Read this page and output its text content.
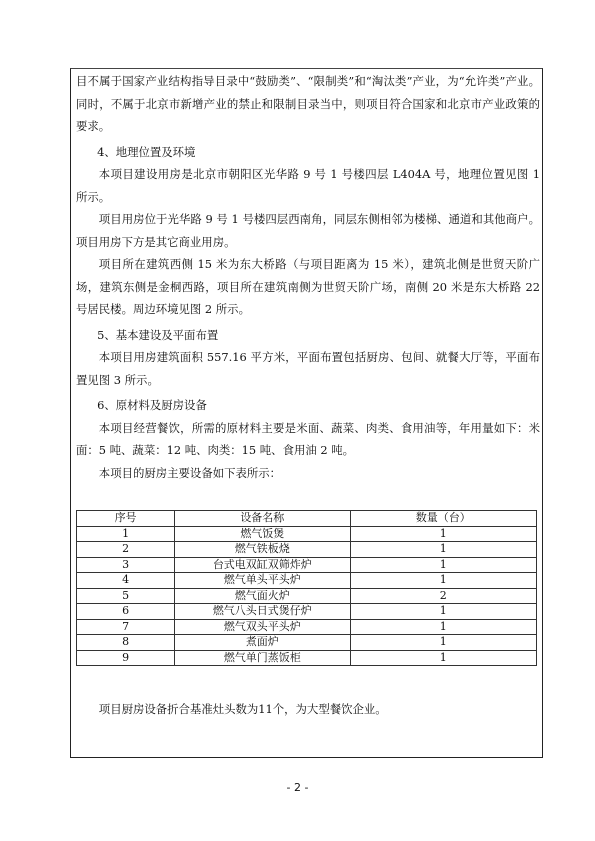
目不属于国家产业结构指导目录中“鼓励类”、“限制类”和“淘汰类”产业，为“允许类”产业。同时，不属于北京市新增产业的禁止和限制目录当中，则项目符合国家和北京市产业政策的要求。

4、地理位置及环境

本项目建设用房是北京市朝阳区光华路 9 号 1 号楼四层 L404A 号，地理位置见图 1 所示。

项目用房位于光华路 9 号 1 号楼四层西南角，同层东侧相邻为楼梯、通道和其他商户。项目用房下方是其它商业用房。

项目所在建筑西侧 15 米为东大桥路（与项目距离为 15 米），建筑北侧是世贸天阶广场，建筑东侧是金桐西路，项目所在建筑南侧为世贸天阶广场，南侧 20 米是东大桥路 22 号居民楼。周边环境见图 2 所示。

5、基本建设及平面布置

本项目用房建筑面积 557.16 平方米，平面布置包括厨房、包间、就餐大厅等，平面布置见图 3 所示。

6、原材料及厨房设备

本项目经营餐饮，所需的原材料主要是米面、蔬菜、肉类、食用油等，年用量如下：米面：5 吨、蔬菜：12 吨、肉类：15 吨、食用油 2 吨。

本项目的厨房主要设备如下表所示：

序号	设备名称	数量（台）
1	燃气饭煲	1
2	燃气铁板烧	1
3	台式电双缸双筛炸炉	1
4	燃气单头平头炉	1
5	燃气面火炉	2
6	燃气八头日式煲仔炉	1
7	燃气双头平头炉	1
8	煮面炉	1
9	燃气单门蒸饭柜	1

项目厨房设备折合基准灶头数为11个，为大型餐饮企业。

- 2 -
